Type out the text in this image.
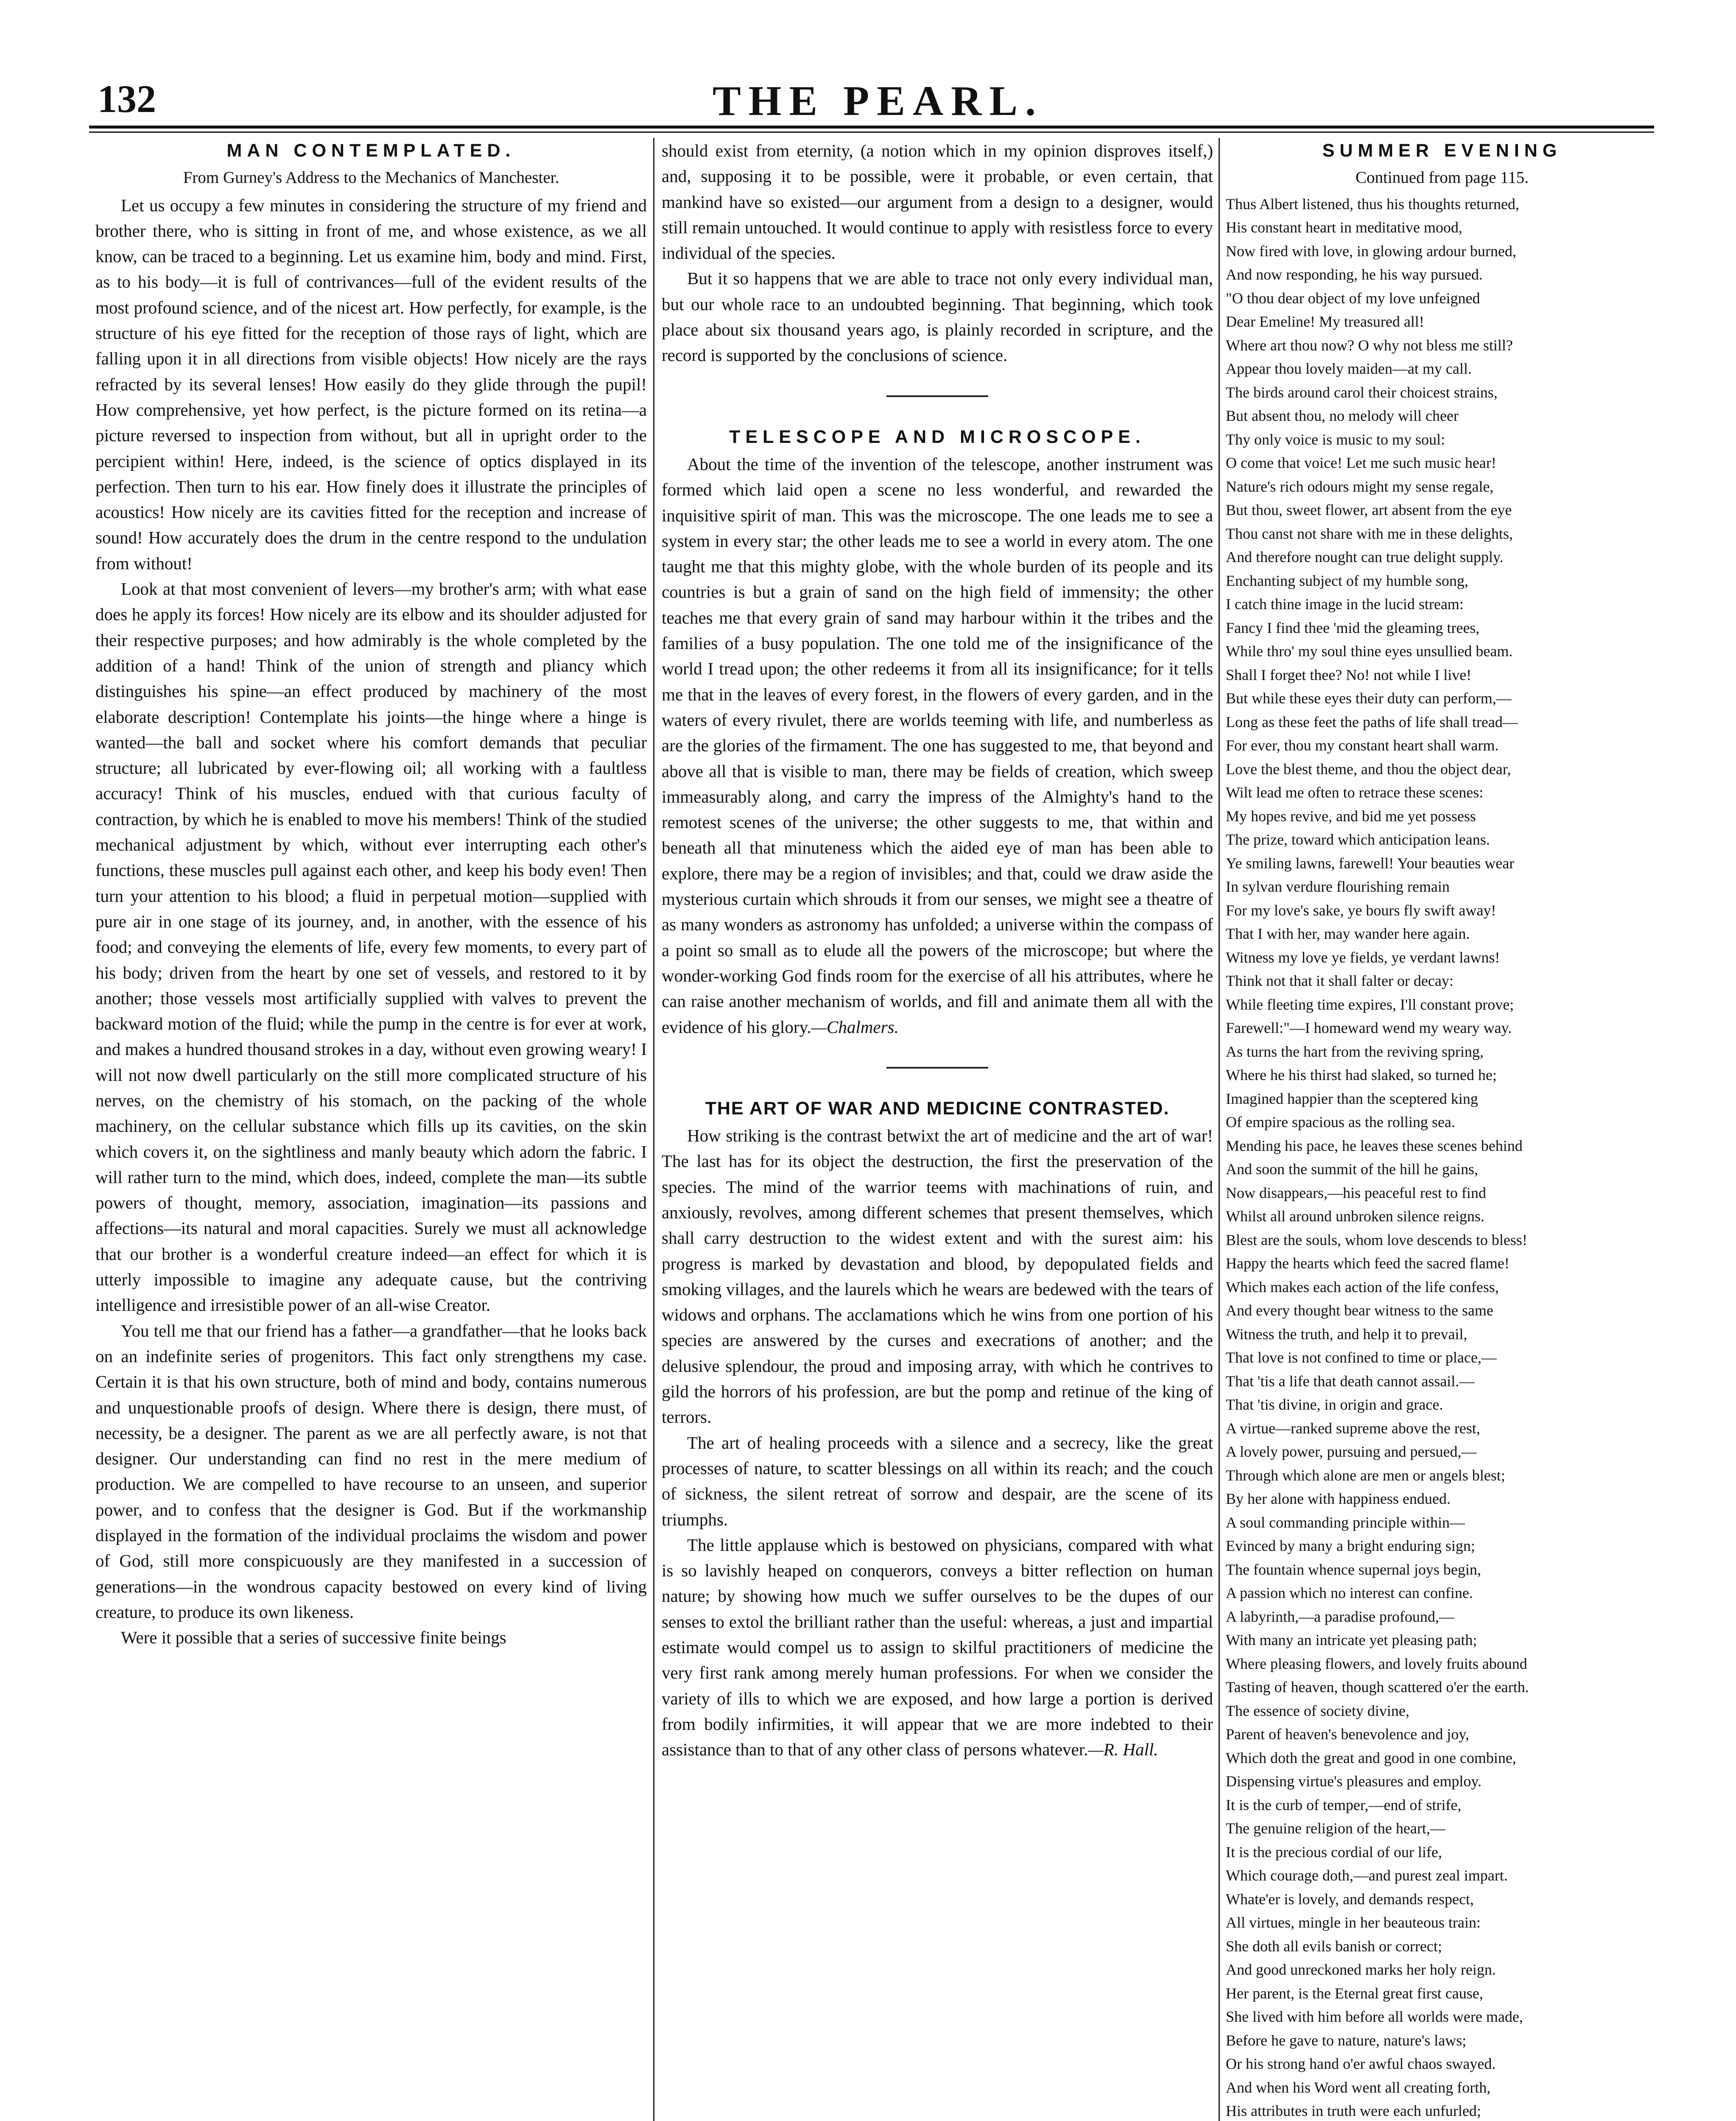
132	THE PEARL.
MAN CONTEMPLATED.
From Gurney's Address to the Mechanics of Manchester.

Let us occupy a few minutes in considering the structure of my friend and brother there, who is sitting in front of me, and whose existence, as we all know, can be traced to a beginning. Let us examine him, body and mind. First, as to his body—it is full of contrivances—full of the evident results of the most profound science, and of the nicest art. How perfectly, for example, is the structure of his eye fitted for the reception of those rays of light, which are falling upon it in all directions from visible objects! How nicely are the rays refracted by its several lenses! How easily do they glide through the pupil! How comprehensive, yet how perfect, is the picture formed on its retina—a picture reversed to inspection from without, but all in upright order to the percipient within! Here, indeed, is the science of optics displayed in its perfection. Then turn to his ear. How finely does it illustrate the principles of acoustics! How nicely are its cavities fitted for the reception and increase of sound! How accurately does the drum in the centre respond to the undulation from without!

Look at that most convenient of levers—my brother's arm; with what ease does he apply its forces! How nicely are its elbow and its shoulder adjusted for their respective purposes; and how admirably is the whole completed by the addition of a hand! Think of the union of strength and pliancy which distinguishes his spine—an effect produced by machinery of the most elaborate description! Contemplate his joints—the hinge where a hinge is wanted—the ball and socket where his comfort demands that peculiar structure; all lubricated by ever-flowing oil; all working with a faultless accuracy! Think of his muscles, endued with that curious faculty of contraction, by which he is enabled to move his members! Think of the studied mechanical adjustment by which, without ever interrupting each other's functions, these muscles pull against each other, and keep his body even! Then turn your attention to his blood; a fluid in perpetual motion—supplied with pure air in one stage of its journey, and, in another, with the essence of his food; and conveying the elements of life, every few moments, to every part of his body; driven from the heart by one set of vessels, and restored to it by another; those vessels most artificially supplied with valves to prevent the backward motion of the fluid; while the pump in the centre is for ever at work, and makes a hundred thousand strokes in a day, without even growing weary! I will not now dwell particularly on the still more complicated structure of his nerves, on the chemistry of his stomach, on the packing of the whole machinery, on the cellular substance which fills up its cavities, on the skin which covers it, on the sightliness and manly beauty which adorn the fabric. I will rather turn to the mind, which does, indeed, complete the man—its subtle powers of thought, memory, association, imagination—its passions and affections—its natural and moral capacities. Surely we must all acknowledge that our brother is a wonderful creature indeed—an effect for which it is utterly impossible to imagine any adequate cause, but the contriving intelligence and irresistible power of an all-wise Creator.

You tell me that our friend has a father—a grandfather—that he looks back on an indefinite series of progenitors. This fact only strengthens my case. Certain it is that his own structure, both of mind and body, contains numerous and unquestionable proofs of design. Where there is design, there must, of necessity, be a designer. The parent as we are all perfectly aware, is not that designer. Our understanding can find no rest in the mere medium of production. We are compelled to have recourse to an unseen, and superior power, and to confess that the designer is God. But if the workmanship displayed in the formation of the individual proclaims the wisdom and power of God, still more conspicuously are they manifested in a succession of generations—in the wondrous capacity bestowed on every kind of living creature, to produce its own likeness.

Were it possible that a series of successive finite beings

should exist from eternity, (a notion which in my opinion disproves itself,) and, supposing it to be possible, were it probable, or even certain, that mankind have so existed—our argument from a design to a designer, would still remain untouched. It would continue to apply with resistless force to every individual of the species.

But it so happens that we are able to trace not only every individual man, but our whole race to an undoubted beginning. That beginning, which took place about six thousand years ago, is plainly recorded in scripture, and the record is supported by the conclusions of science.

TELESCOPE AND MICROSCOPE.

About the time of the invention of the telescope, another instrument was formed which laid open a scene no less wonderful, and rewarded the inquisitive spirit of man. This was the microscope. The one leads me to see a system in every star; the other leads me to see a world in every atom. The one taught me that this mighty globe, with the whole burden of its people and its countries is but a grain of sand on the high field of immensity; the other teaches me that every grain of sand may harbour within it the tribes and the families of a busy population. The one told me of the insignificance of the world I tread upon; the other redeems it from all its insignificance; for it tells me that in the leaves of every forest, in the flowers of every garden, and in the waters of every rivulet, there are worlds teeming with life, and numberless as are the glories of the firmament. The one has suggested to me, that beyond and above all that is visible to man, there may be fields of creation, which sweep immeasurably along, and carry the impress of the Almighty's hand to the remotest scenes of the universe; the other suggests to me, that within and beneath all that minuteness which the aided eye of man has been able to explore, there may be a region of invisibles; and that, could we draw aside the mysterious curtain which shrouds it from our senses, we might see a theatre of as many wonders as astronomy has unfolded; a universe within the compass of a point so small as to elude all the powers of the microscope; but where the wonder-working God finds room for the exercise of all his attributes, where he can raise another mechanism of worlds, and fill and animate them all with the evidence of his glory.—Chalmers.

THE ART OF WAR AND MEDICINE CONTRASTED.

How striking is the contrast betwixt the art of medicine and the art of war! The last has for its object the destruction, the first the preservation of the species. The mind of the warrior teems with machinations of ruin, and anxiously, revolves, among different schemes that present themselves, which shall carry destruction to the widest extent and with the surest aim: his progress is marked by devastation and blood, by depopulated fields and smoking villages, and the laurels which he wears are bedewed with the tears of widows and orphans. The acclamations which he wins from one portion of his species are answered by the curses and execrations of another; and the delusive splendour, the proud and imposing array, with which he contrives to gild the horrors of his profession, are but the pomp and retinue of the king of terrors.

The art of healing proceeds with a silence and a secrecy, like the great processes of nature, to scatter blessings on all within its reach; and the couch of sickness, the silent retreat of sorrow and despair, are the scene of its triumphs.

The little applause which is bestowed on physicians, compared with what is so lavishly heaped on conquerors, conveys a bitter reflection on human nature; by showing how much we suffer ourselves to be the dupes of our senses to extol the brilliant rather than the useful: whereas, a just and impartial estimate would compel us to assign to skilful practitioners of medicine the very first rank among merely human professions. For when we consider the variety of ills to which we are exposed, and how large a portion is derived from bodily infirmities, it will appear that we are more indebted to their assistance than to that of any other class of persons whatever.—R. Hall.

SUMMER EVENING
Continued from page 115.
Thus Albert listened, thus his thoughts returned,
His constant heart in meditative mood,
Now fired with love, in glowing ardour burned,
And now responding, he his way pursued.
"O thou dear object of my love unfeigned
Dear Emeline! My treasured all!
Where art thou now? O why not bless me still?
Appear thou lovely maiden—at my call.
The birds around carol their choicest strains,
But absent thou, no melody will cheer
Thy only voice is music to my soul:
O come that voice! Let me such music hear!
Nature's rich odours might my sense regale,
But thou, sweet flower, art absent from the eye
Thou canst not share with me in these delights,
And therefore nought can true delight supply.
Enchanting subject of my humble song,
I catch thine image in the lucid stream:
Fancy I find thee 'mid the gleaming trees,
While thro' my soul thine eyes unsullied beam.
Shall I forget thee? No! not while I live!
But while these eyes their duty can perform,—
Long as these feet the paths of life shall tread—
For ever, thou my constant heart shall warm.
Love the blest theme, and thou the object dear,
Wilt lead me often to retrace these scenes:
My hopes revive, and bid me yet possess
The prize, toward which anticipation leans.
Ye smiling lawns, farewell! Your beauties wear
In sylvan verdure flourishing remain
For my love's sake, ye bours fly swift away!
That I with her, may wander here again.
Witness my love ye fields, ye verdant lawns!
Think not that it shall falter or decay:
While fleeting time expires, I'll constant prove;
Farewell:"—I homeward wend my weary way.
As turns the hart from the reviving spring,
Where he his thirst had slaked, so turned he;
Imagined happier than the sceptered king
Of empire spacious as the rolling sea.
Mending his pace, he leaves these scenes behind
And soon the summit of the hill he gains,
Now disappears,—his peaceful rest to find
Whilst all around unbroken silence reigns.
Blest are the souls, whom love descends to bless!
Happy the hearts which feed the sacred flame!
Which makes each action of the life confess,
And every thought bear witness to the same
Witness the truth, and help it to prevail,
That love is not confined to time or place,—
That 'tis a life that death cannot assail.—
That 'tis divine, in origin and grace.
A virtue—ranked supreme above the rest,
A lovely power, pursuing and persued,—
Through which alone are men or angels blest;
By her alone with happiness endued.
A soul commanding principle within—
Evinced by many a bright enduring sign;
The fountain whence supernal joys begin,
A passion which no interest can confine.
A labyrinth,—a paradise profound,—
With many an intricate yet pleasing path;
Where pleasing flowers, and lovely fruits abound
Tasting of heaven, though scattered o'er the earth.
The essence of society divine,
Parent of heaven's benevolence and joy,
Which doth the great and good in one combine,
Dispensing virtue's pleasures and employ.
It is the curb of temper,—end of strife,
The genuine religion of the heart,—
It is the precious cordial of our life,
Which courage doth,—and purest zeal impart.
Whate'er is lovely, and demands respect,
All virtues, mingle in her beauteous train:
She doth all evils banish or correct;
And good unreckoned marks her holy reign.
Her parent, is the Eternal great first cause,
She lived with him before all worlds were made,
Before he gave to nature, nature's laws;
Or his strong hand o'er awful chaos swayed.
And when his Word went all creating forth,
His attributes in truth were each unfurled;
